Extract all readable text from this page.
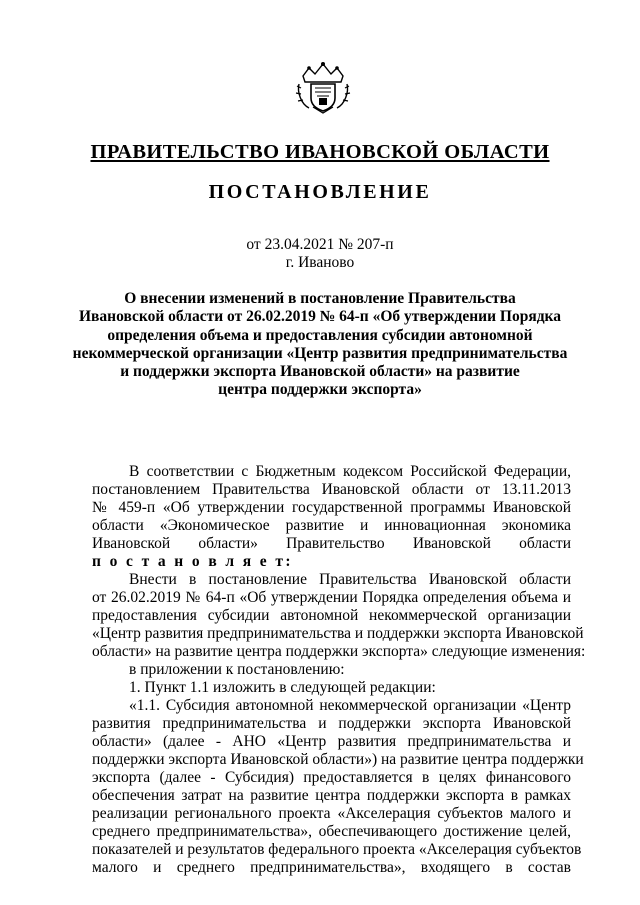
ПРАВИТЕЛЬСТВО ИВАНОВСКОЙ ОБЛАСТИ
ПОСТАНОВЛЕНИЕ
от 23.04.2021 № 207-п
г. Иваново
О внесении изменений в постановление Правительства
Ивановской области от 26.02.2019 № 64-п «Об утверждении Порядка
определения объема и предоставления субсидии автономной
некоммерческой организации «Центр развития предпринимательства
и поддержки экспорта Ивановской области» на развитие
центра поддержки экспорта»
В соответствии с Бюджетным кодексом Российской Федерации,
постановлением Правительства Ивановской области от 13.11.2013
№ 459-п «Об утверждении государственной программы Ивановской
области «Экономическое развитие и инновационная экономика
Ивановской области» Правительство Ивановской области
п о с т а н о в л я е т:
Внести в постановление Правительства Ивановской области
от 26.02.2019 № 64-п «Об утверждении Порядка определения объема и
предоставления субсидии автономной некоммерческой организации
«Центр развития предпринимательства и поддержки экспорта Ивановской
области» на развитие центра поддержки экспорта» следующие изменения:
в приложении к постановлению:
1. Пункт 1.1 изложить в следующей редакции:
«1.1. Субсидия автономной некоммерческой организации «Центр
развития предпринимательства и поддержки экспорта Ивановской
области» (далее - АНО «Центр развития предпринимательства и
поддержки экспорта Ивановской области») на развитие центра поддержки
экспорта (далее - Субсидия) предоставляется в целях финансового
обеспечения затрат на развитие центра поддержки экспорта в рамках
реализации регионального проекта «Акселерация субъектов малого и
среднего предпринимательства», обеспечивающего достижение целей,
показателей и результатов федерального проекта «Акселерация субъектов
малого и среднего предпринимательства», входящего в состав
